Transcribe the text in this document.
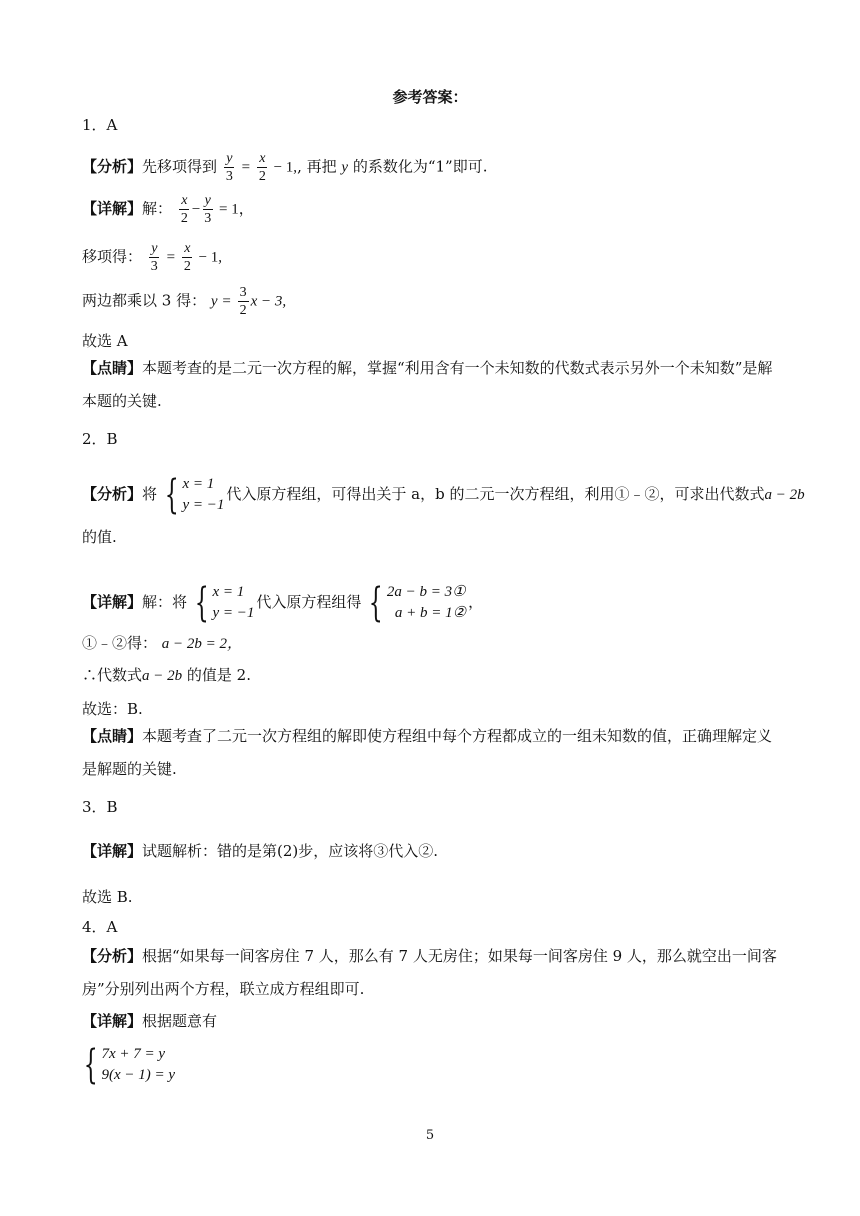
参考答案：
1．A
【分析】先移项得到 $\frac{y}{3} = \frac{x}{2} - 1$,, 再把 y 的系数化为“1”即可.
【详解】解： $\frac{x}{2} - \frac{y}{3} = 1$，
移项得： $\frac{y}{3} = \frac{x}{2} - 1$,
两边都乘以 3 得： $y = \frac{3}{2}$ x − 3,
故选 A
【点睛】本题考查的是二元一次方程的解，掌握“利用含有一个未知数的代数式表示另外一个未知数”是解本题的关键.
2．B
【分析】将 { x = 1
y = −1
代入原方程组，可得出关于 a，b 的二元一次方程组，利用①﹣②，可求出代数式a − 2b
的值.
【详解】解：将 { x = 1
y = −1
代入原方程组得 { 2a − b = 3①
a + b = 1②
，
①﹣②得： a − 2b = 2，
∴代数式a − 2b 的值是 2.
故选：B.
【点睛】本题考查了二元一次方程组的解即使方程组中每个方程都成立的一组未知数的值，正确理解定义是解题的关键.
3．B
【详解】试题解析：错的是第(2)步，应该将③代入②.
故选 B.
4．A
【分析】根据“如果每一间客房住 7 人，那么有 7 人无房住；如果每一间客房住 9 人，那么就空出一间客房”分别列出两个方程，联立成方程组即可.
【详解】根据题意有
{ 7x + 7 = y
9(x − 1) = y
5
